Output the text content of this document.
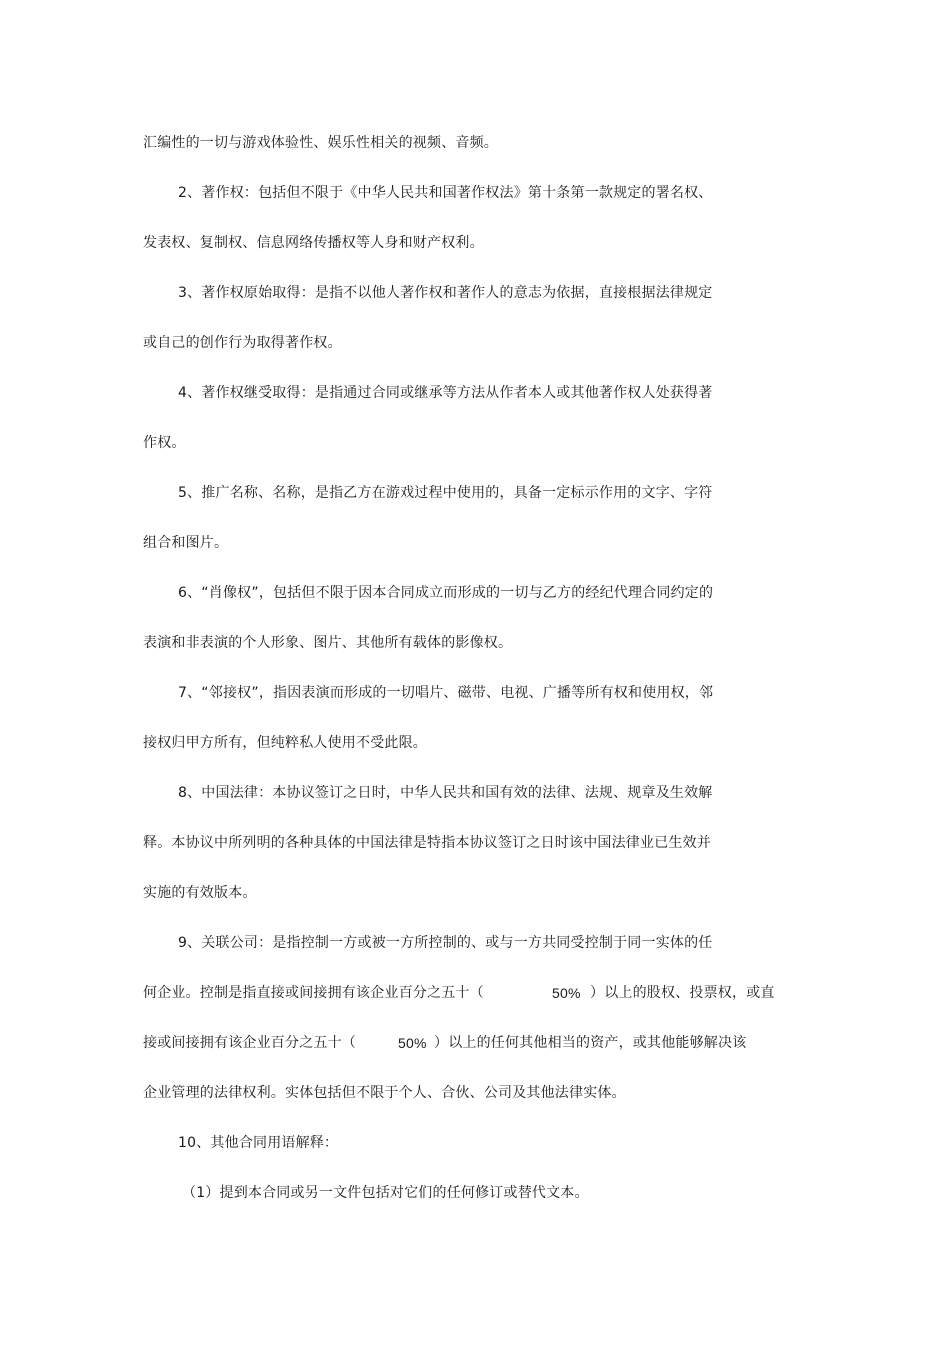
汇编性的一切与游戏体验性、娱乐性相关的视频、音频。
2、著作权：包括但不限于《中华人民共和国著作权法》第十条第一款规定的署名权、
发表权、复制权、信息网络传播权等人身和财产权利。
3、著作权原始取得：是指不以他人著作权和著作人的意志为依据，直接根据法律规定
或自己的创作行为取得著作权。
4、著作权继受取得：是指通过合同或继承等方法从作者本人或其他著作权人处获得著
作权。
5、推广名称、名称，是指乙方在游戏过程中使用的，具备一定标示作用的文字、字符
组合和图片。
6、“肖像权”，包括但不限于因本合同成立而形成的一切与乙方的经纪代理合同约定的
表演和非表演的个人形象、图片、其他所有载体的影像权。
7、“邻接权”，指因表演而形成的一切唱片、磁带、电视、广播等所有权和使用权，邻
接权归甲方所有，但纯粹私人使用不受此限。
8、中国法律：本协议签订之日时，中华人民共和国有效的法律、法规、规章及生效解
释。本协议中所列明的各种具体的中国法律是特指本协议签订之日时该中国法律业已生效并
实施的有效版本。
9、关联公司：是指控制一方或被一方所控制的、或与一方共同受控制于同一实体的任
何企业。控制是指直接或间接拥有该企业百分之五十（	50% ）以上的股权、投票权，或直
接或间接拥有该企业百分之五十（	50% ）以上的任何其他相当的资产，或其他能够解决该
企业管理的法律权利。实体包括但不限于个人、合伙、公司及其他法律实体。
10、其他合同用语解释：
（1）提到本合同或另一文件包括对它们的任何修订或替代文本。
